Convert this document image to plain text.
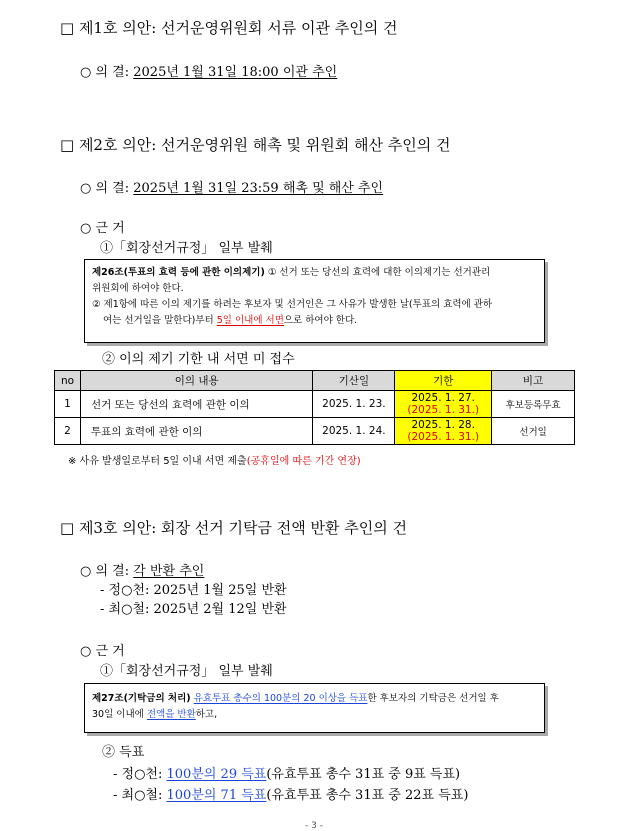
□ 제1호 의안: 선거운영위원회 서류 이관 추인의 건
○ 의 결: 2025년 1월 31일 18:00 이관 추인
□ 제2호 의안: 선거운영위원 해촉 및 위원회 해산 추인의 건
○ 의 결: 2025년 1월 31일 23:59 해촉 및 해산 추인
○ 근 거
①「회장선거규정」 일부 발췌
제26조(투표의 효력 등에 관한 이의제기) ① 선거 또는 당선의 효력에 대한 이의제기는 선거관리
위원회에 하여야 한다.
② 제1항에 따른 이의 제기를 하려는 후보자 및 선거인은 그 사유가 발생한 날(투표의 효력에 관하
여는 선거일을 말한다)부터 5일 이내에 서면으로 하여야 한다.
② 이의 제기 기한 내 서면 미 접수
no	이의 내용	기산일	기한	비고
1	선거 또는 당선의 효력에 관한 이의	2025. 1. 23.	2025. 1. 27.
(2025. 1. 31.)	후보등록무효
2	투표의 효력에 관한 이의	2025. 1. 24.	2025. 1. 28.
(2025. 1. 31.)	선거일
※ 사유 발생일로부터 5일 이내 서면 제출(공휴일에 따른 기간 연장)
□ 제3호 의안: 회장 선거 기탁금 전액 반환 추인의 건
○ 의 결: 각 반환 추인
- 정○천: 2025년 1월 25일 반환
- 최○철: 2025년 2월 12일 반환
○ 근 거
①「회장선거규정」 일부 발췌
제27조(기탁금의 처리) 유효투표 총수의 100분의 20 이상을 득표한 후보자의 기탁금은 선거일 후
30일 이내에 전액을 반환하고,
② 득표
- 정○천: 100분의 29 득표(유효투표 총수 31표 중 9표 득표)
- 최○철: 100분의 71 득표(유효투표 총수 31표 중 22표 득표)
- 3 -
